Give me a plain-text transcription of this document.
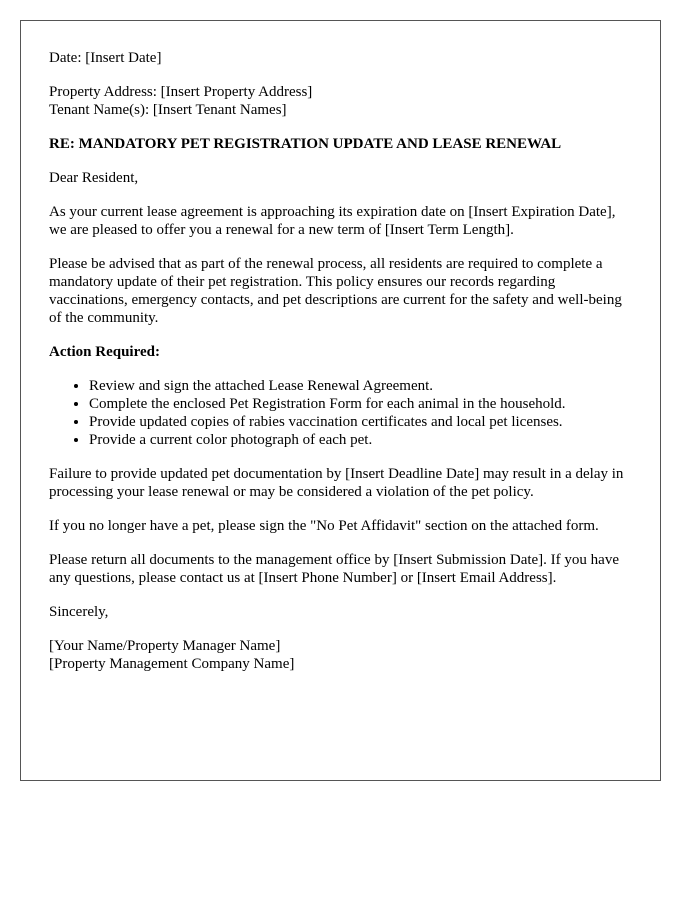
Date: [Insert Date]

Property Address: [Insert Property Address]
Tenant Name(s): [Insert Tenant Names]

RE: MANDATORY PET REGISTRATION UPDATE AND LEASE RENEWAL

Dear Resident,

As your current lease agreement is approaching its expiration date on [Insert Expiration Date], we are pleased to offer you a renewal for a new term of [Insert Term Length].

Please be advised that as part of the renewal process, all residents are required to complete a mandatory update of their pet registration. This policy ensures our records regarding vaccinations, emergency contacts, and pet descriptions are current for the safety and well-being of the community.

Action Required:

• Review and sign the attached Lease Renewal Agreement.
• Complete the enclosed Pet Registration Form for each animal in the household.
• Provide updated copies of rabies vaccination certificates and local pet licenses.
• Provide a current color photograph of each pet.

Failure to provide updated pet documentation by [Insert Deadline Date] may result in a delay in processing your lease renewal or may be considered a violation of the pet policy.

If you no longer have a pet, please sign the "No Pet Affidavit" section on the attached form.

Please return all documents to the management office by [Insert Submission Date]. If you have any questions, please contact us at [Insert Phone Number] or [Insert Email Address].

Sincerely,

[Your Name/Property Manager Name]
[Property Management Company Name]
